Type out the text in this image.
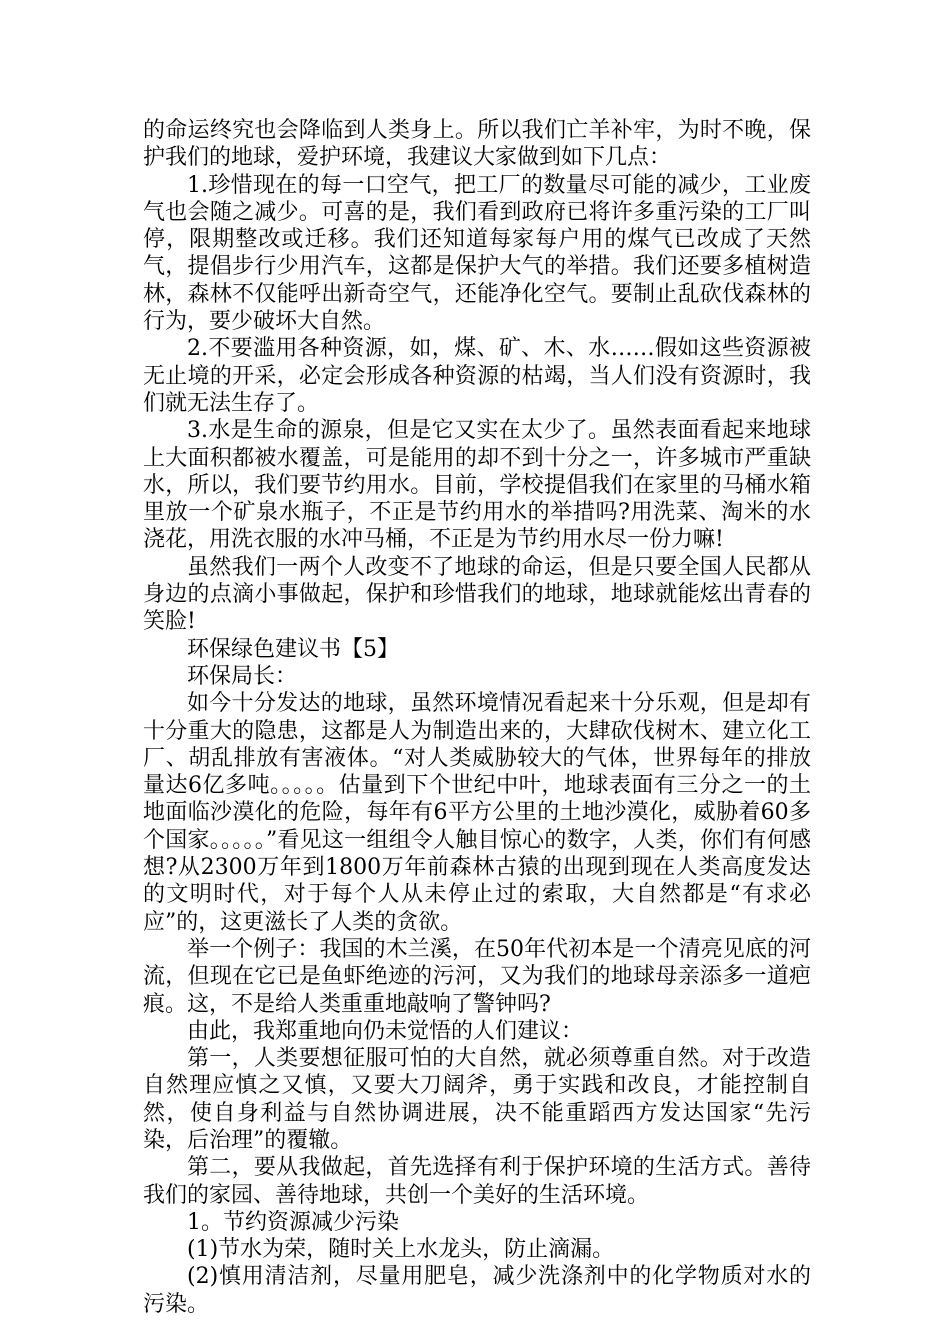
的命运终究也会降临到人类身上。所以我们亡羊补牢，为时不晚，保护我们的地球，爱护环境，我建议大家做到如下几点：

1.珍惜现在的每一口空气，把工厂的数量尽可能的减少，工业废气也会随之减少。可喜的是，我们看到政府已将许多重污染的工厂叫停，限期整改或迁移。我们还知道每家每户用的煤气已改成了天然气，提倡步行少用汽车，这都是保护大气的举措。我们还要多植树造林，森林不仅能呼出新奇空气，还能净化空气。要制止乱砍伐森林的行为，要少破坏大自然。

2.不要滥用各种资源，如，煤、矿、木、水……假如这些资源被无止境的开采，必定会形成各种资源的枯竭，当人们没有资源时，我们就无法生存了。

3.水是生命的源泉，但是它又实在太少了。虽然表面看起来地球上大面积都被水覆盖，可是能用的却不到十分之一，许多城市严重缺水，所以，我们要节约用水。目前，学校提倡我们在家里的马桶水箱里放一个矿泉水瓶子，不正是节约用水的举措吗?用洗菜、淘米的水浇花，用洗衣服的水冲马桶，不正是为节约用水尽一份力嘛!

虽然我们一两个人改变不了地球的命运，但是只要全国人民都从身边的点滴小事做起，保护和珍惜我们的地球，地球就能炫出青春的笑脸!

环保绿色建议书【5】

环保局长：

如今十分发达的地球，虽然环境情况看起来十分乐观，但是却有十分重大的隐患，这都是人为制造出来的，大肆砍伐树木、建立化工厂、胡乱排放有害液体。“对人类威胁较大的气体，世界每年的排放量达6亿多吨。。。。。估量到下个世纪中叶，地球表面有三分之一的土地面临沙漠化的危险，每年有6平方公里的土地沙漠化，威胁着60多个国家。。。。。”看见这一组组令人触目惊心的数字，人类，你们有何感想?从2300万年到1800万年前森林古猿的出现到现在人类高度发达的文明时代，对于每个人从未停止过的索取，大自然都是“有求必应”的，这更滋长了人类的贪欲。

举一个例子：我国的木兰溪，在50年代初本是一个清亮见底的河流，但现在它已是鱼虾绝迹的污河，又为我们的地球母亲添多一道疤痕。这，不是给人类重重地敲响了警钟吗?

由此，我郑重地向仍未觉悟的人们建议：

第一，人类要想征服可怕的大自然，就必须尊重自然。对于改造自然理应慎之又慎，又要大刀阔斧，勇于实践和改良，才能控制自然，使自身利益与自然协调进展，决不能重蹈西方发达国家“先污染，后治理”的覆辙。

第二，要从我做起，首先选择有利于保护环境的生活方式。善待我们的家园、善待地球，共创一个美好的生活环境。

1。节约资源减少污染

(1)节水为荣，随时关上水龙头，防止滴漏。

(2)慎用清洁剂，尽量用肥皂，减少洗涤剂中的化学物质对水的污染。
